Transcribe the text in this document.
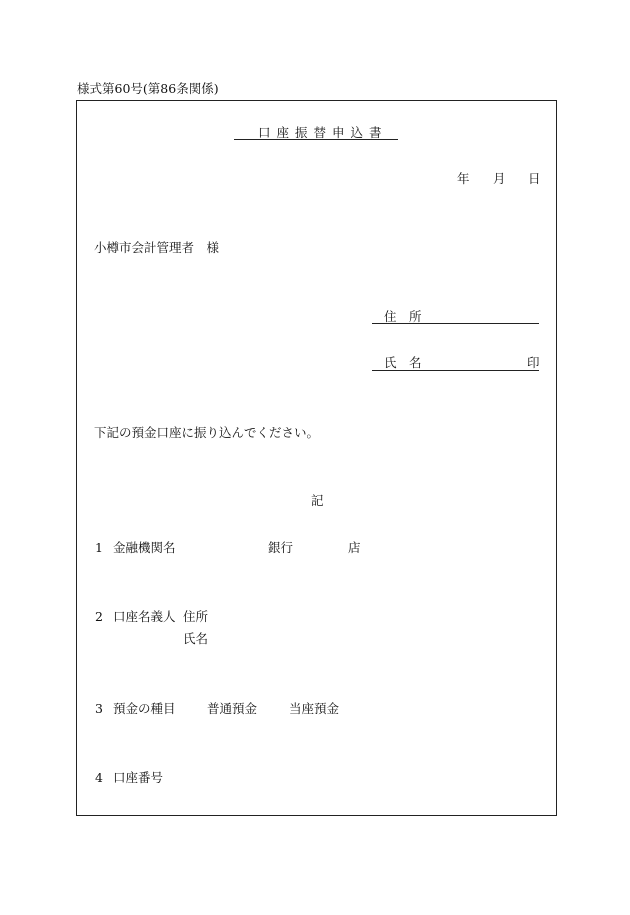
様式第60号(第86条関係)
口座振替申込書
年 月 日
小樽市会計管理者　様
住　所
氏　名	印
下記の預金口座に振り込んでください。
記
1 金融機関名	銀行	店
2 口座名義人 住所
氏名
3 預金の種目	普通預金	当座預金
4 口座番号
